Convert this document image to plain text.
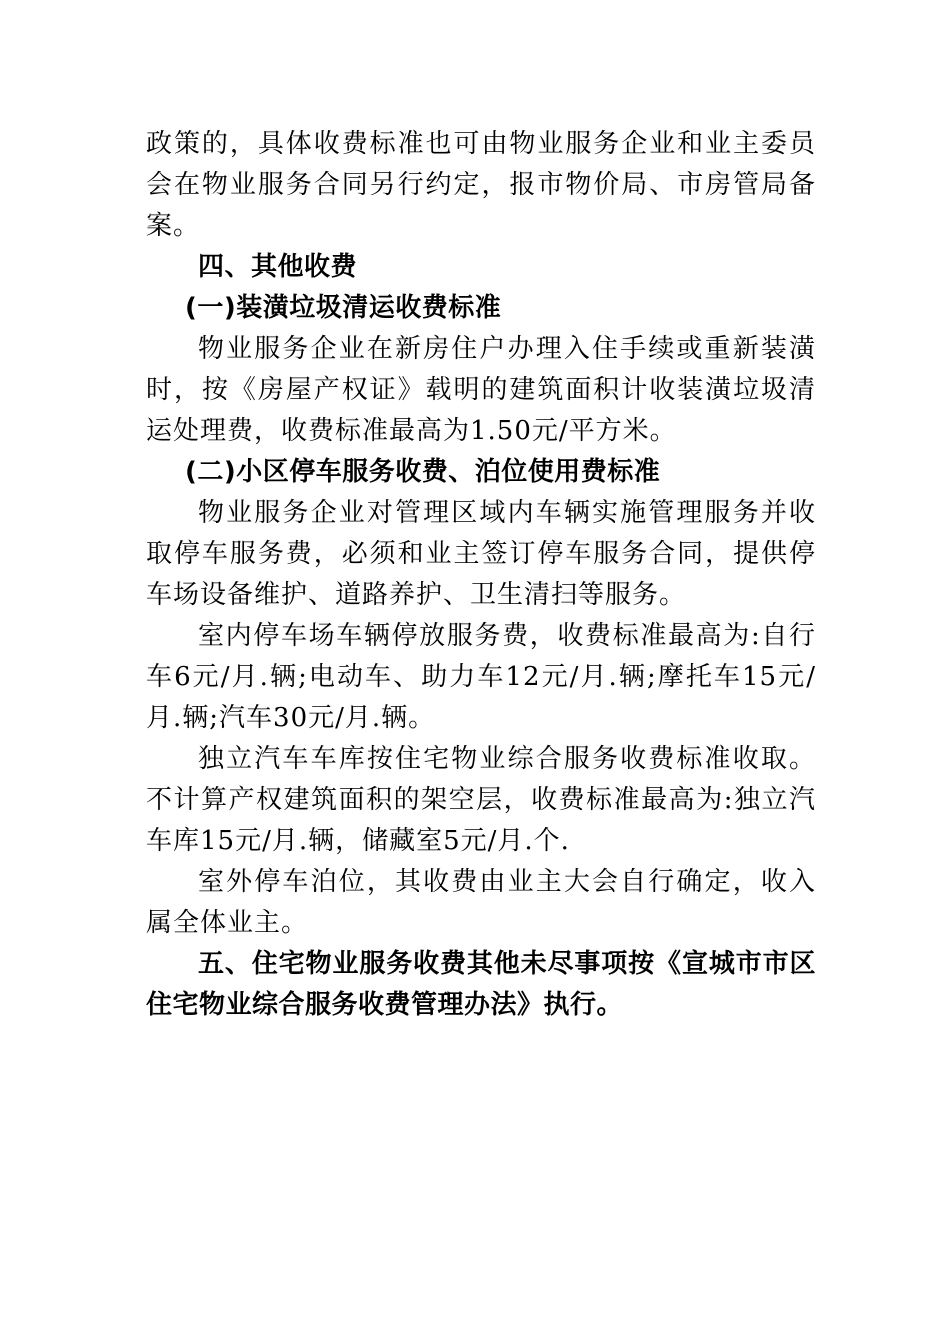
政策的，具体收费标准也可由物业服务企业和业主委员会在物业服务合同另行约定，报市物价局、市房管局备案。

四、其他收费

(一)装潢垃圾清运收费标准

物业服务企业在新房住户办理入住手续或重新装潢时，按《房屋产权证》载明的建筑面积计收装潢垃圾清运处理费，收费标准最高为1.50元/平方米。

(二)小区停车服务收费、泊位使用费标准

物业服务企业对管理区域内车辆实施管理服务并收取停车服务费，必须和业主签订停车服务合同，提供停车场设备维护、道路养护、卫生清扫等服务。

室内停车场车辆停放服务费，收费标准最高为:自行车6元/月.辆;电动车、助力车12元/月.辆;摩托车15元/月.辆;汽车30元/月.辆。

独立汽车车库按住宅物业综合服务收费标准收取。不计算产权建筑面积的架空层，收费标准最高为:独立汽车库15元/月.辆，储藏室5元/月.个.

室外停车泊位，其收费由业主大会自行确定，收入属全体业主。

五、住宅物业服务收费其他未尽事项按《宣城市市区住宅物业综合服务收费管理办法》执行。
